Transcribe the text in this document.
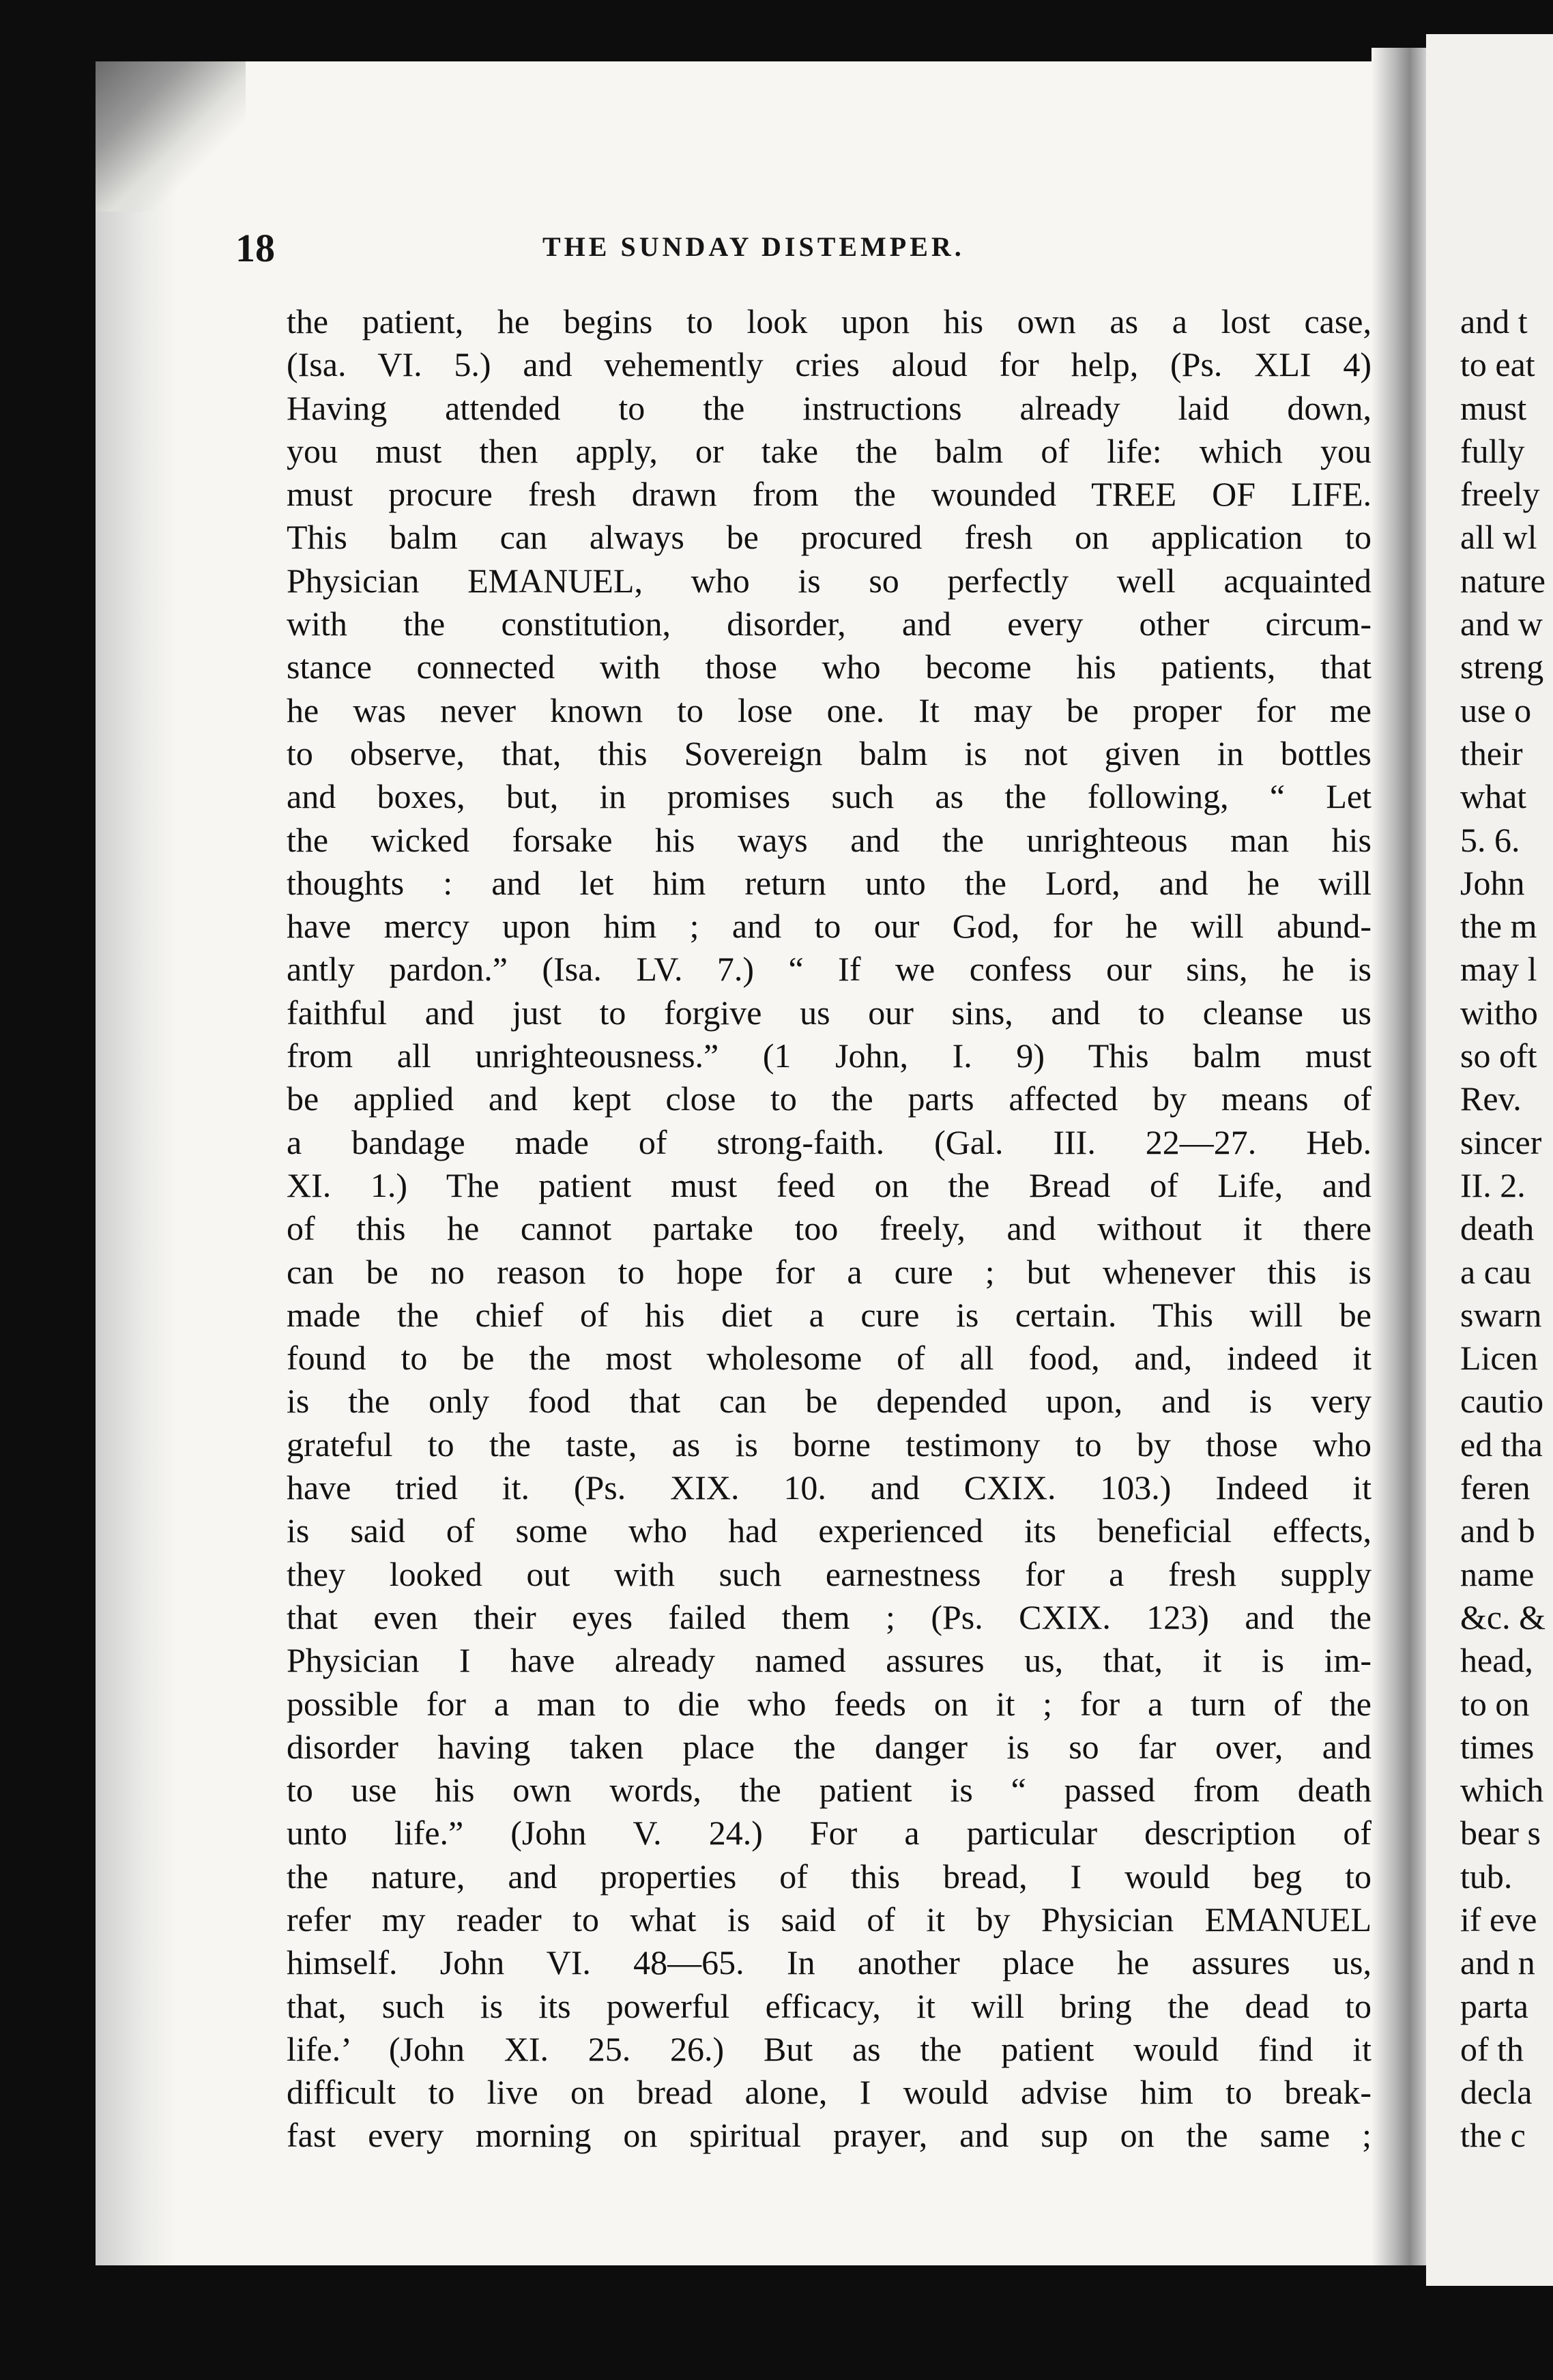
18	THE SUNDAY DISTEMPER.
the patient, he begins to look upon his own as a lost case,
(Isa. VI. 5.) and vehemently cries aloud for help, (Ps. XLI 4)
Having attended to the instructions already laid down,
you must then apply, or take the balm of life: which you
must procure fresh drawn from the wounded TREE OF LIFE.
This balm can always be procured fresh on application to
Physician EMANUEL, who is so perfectly well acquainted
with the constitution, disorder, and every other circum-
stance connected with those who become his patients, that
he was never known to lose one. It may be proper for me
to observe, that, this Sovereign balm is not given in bottles
and boxes, but, in promises such as the following, “ Let
the wicked forsake his ways and the unrighteous man his
thoughts : and let him return unto the Lord, and he will
have mercy upon him ; and to our God, for he will abund-
antly pardon.” (Isa. LV. 7.) “ If we confess our sins, he is
faithful and just to forgive us our sins, and to cleanse us
from all unrighteousness.” (1 John, I. 9) This balm must
be applied and kept close to the parts affected by means of
a bandage made of strong-faith. (Gal. III. 22—27. Heb.
XI. 1.) The patient must feed on the Bread of Life, and
of this he cannot partake too freely, and without it there
can be no reason to hope for a cure ; but whenever this is
made the chief of his diet a cure is certain. This will be
found to be the most wholesome of all food, and, indeed it
is the only food that can be depended upon, and is very
grateful to the taste, as is borne testimony to by those who
have tried it. (Ps. XIX. 10. and CXIX. 103.) Indeed it
is said of some who had experienced its beneficial effects,
they looked out with such earnestness for a fresh supply
that even their eyes failed them ; (Ps. CXIX. 123) and the
Physician I have already named assures us, that, it is im-
possible for a man to die who feeds on it ; for a turn of the
disorder having taken place the danger is so far over, and
to use his own words, the patient is “ passed from death
unto life.” (John V. 24.) For a particular description of
the nature, and properties of this bread, I would beg to
refer my reader to what is said of it by Physician EMANUEL
himself. John VI. 48—65. In another place he assures us,
that, such is its powerful efficacy, it will bring the dead to
life.’ (John XI. 25. 26.) But as the patient would find it
difficult to live on bread alone, I would advise him to break-
fast every morning on spiritual prayer, and sup on the same ;
and t
to eat
must
fully
freely
all wl
nature
and w
streng
use o
their
what
5. 6.
John
the m
may l
witho
so oft
Rev.
sincer
II. 2.
death
a cau
swarn
Licen
cautio
ed tha
feren
and b
name
&c. &
head,
to on
times
which
bear s
tub.
if eve
and n
parta
of th
decla
the c
